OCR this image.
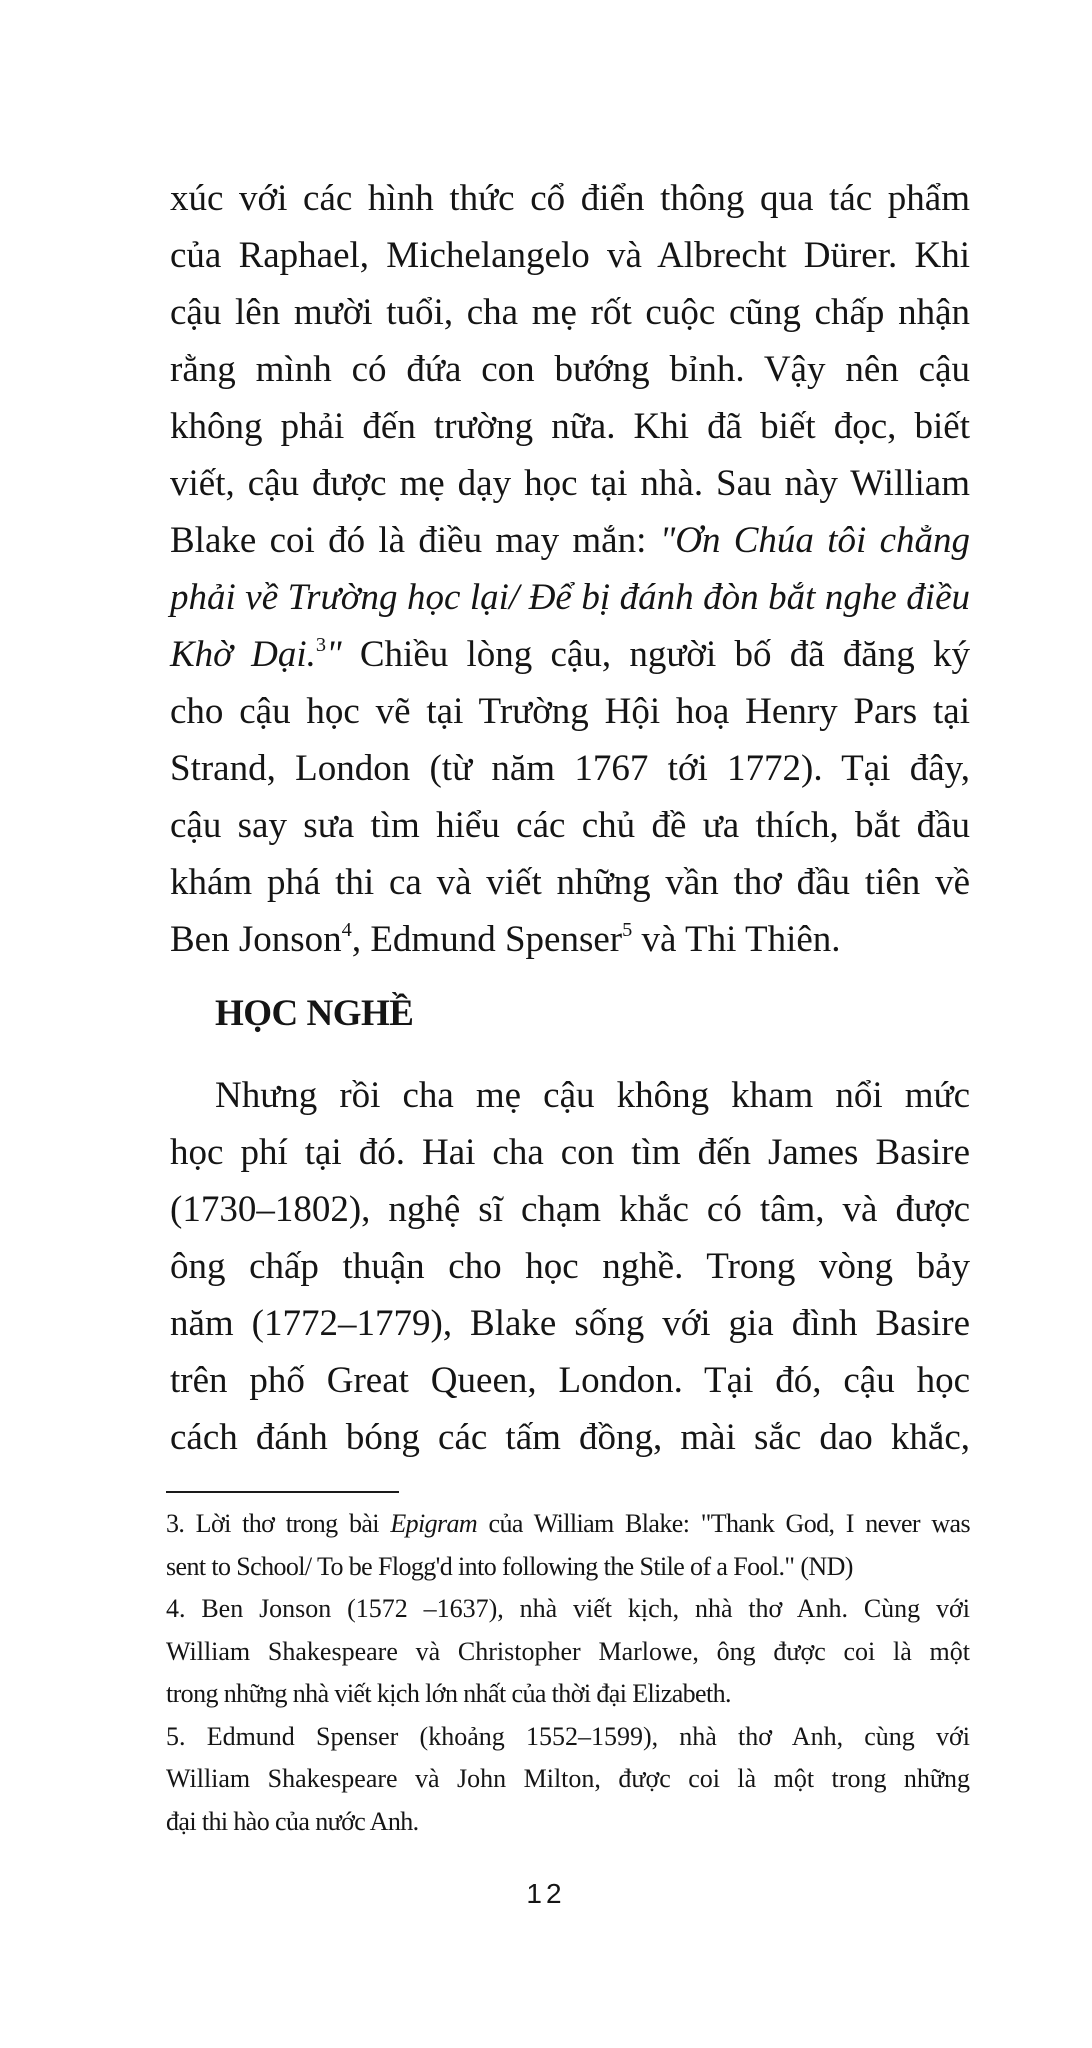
xúc với các hình thức cổ điển thông qua tác phẩm
của Raphael, Michelangelo và Albrecht Dürer. Khi
cậu lên mười tuổi, cha mẹ rốt cuộc cũng chấp nhận
rằng mình có đứa con bướng bỉnh. Vậy nên cậu
không phải đến trường nữa. Khi đã biết đọc, biết
viết, cậu được mẹ dạy học tại nhà. Sau này William
Blake coi đó là điều may mắn: "Ơn Chúa tôi chẳng
phải về Trường học lại/ Để bị đánh đòn bắt nghe điều
Khờ Dại.$^3$" Chiều lòng cậu, người bố đã đăng ký
cho cậu học vẽ tại Trường Hội hoạ Henry Pars tại
Strand, London (từ năm 1767 tới 1772). Tại đây,
cậu say sưa tìm hiểu các chủ đề ưa thích, bắt đầu
khám phá thi ca và viết những vần thơ đầu tiên về
Ben Jonson$^4$, Edmund Spenser$^5$ và Thi Thiên.
HỌC NGHỀ
Nhưng rồi cha mẹ cậu không kham nổi mức
học phí tại đó. Hai cha con tìm đến James Basire
(1730–1802), nghệ sĩ chạm khắc có tâm, và được
ông chấp thuận cho học nghề. Trong vòng bảy
năm (1772–1779), Blake sống với gia đình Basire
trên phố Great Queen, London. Tại đó, cậu học
cách đánh bóng các tấm đồng, mài sắc dao khắc,
3. Lời thơ trong bài Epigram của William Blake: "Thank God, I never was
sent to School/ To be Flogg'd into following the Stile of a Fool." (ND)
4. Ben Jonson (1572 –1637), nhà viết kịch, nhà thơ Anh. Cùng với
William Shakespeare và Christopher Marlowe, ông được coi là một
trong những nhà viết kịch lớn nhất của thời đại Elizabeth.
5. Edmund Spenser (khoảng 1552–1599), nhà thơ Anh, cùng với
William Shakespeare và John Milton, được coi là một trong những
đại thi hào của nước Anh.
12
